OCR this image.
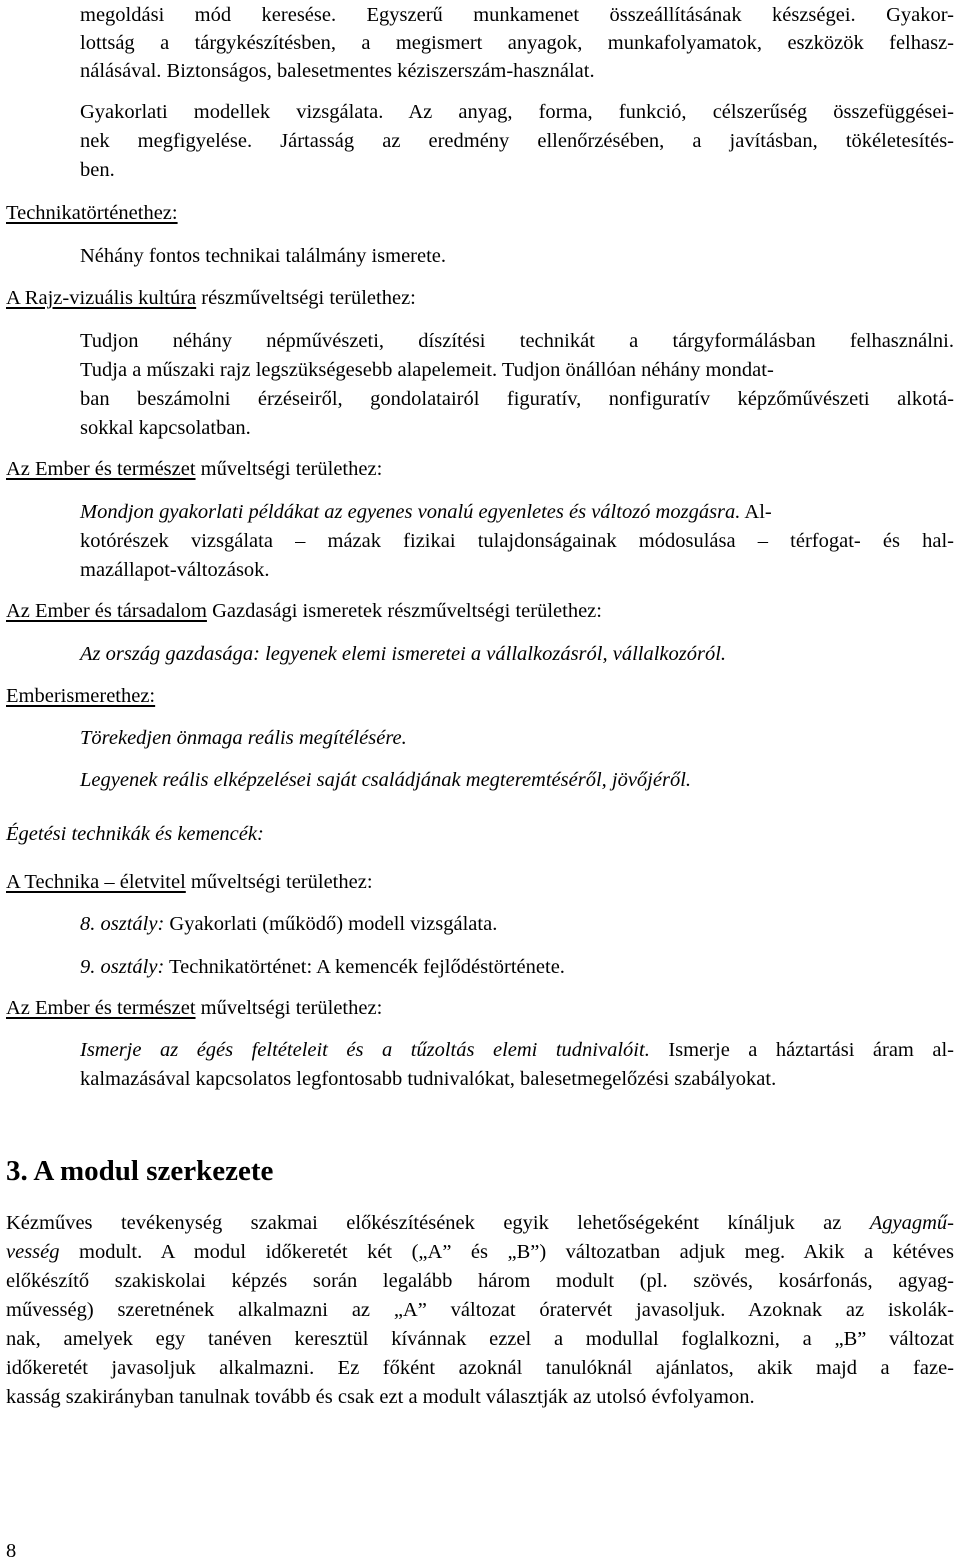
megoldási mód keresése. Egyszerű munkamenet összeállításának készségei. Gyakor-
lottság a tárgykészítésben, a megismert anyagok, munkafolyamatok, eszközök felhasz-
nálásával. Biztonságos, balesetmentes kéziszerszám-használat.
Gyakorlati modellek vizsgálata. Az anyag, forma, funkció, célszerűség összefüggései-
nek megfigyelése. Jártasság az eredmény ellenőrzésében, a javításban, tökéletesítés-
ben.
Technikatörténethez:
Néhány fontos technikai találmány ismerete.
A Rajz-vizuális kultúra részműveltségi területhez:
Tudjon néhány népművészeti, díszítési technikát a tárgyformálásban felhasználni.
Tudja a műszaki rajz legszükségesebb alapelemeit. Tudjon önállóan néhány mondat-
ban beszámolni érzéseiről, gondolatairól figuratív, nonfiguratív képzőművészeti alkotá-
sokkal kapcsolatban.
Az Ember és természet műveltségi területhez:
Mondjon gyakorlati példákat az egyenes vonalú egyenletes és változó mozgásra. Al-
kotórészek vizsgálata – mázak fizikai tulajdonságainak módosulása – térfogat- és hal-
mazállapot-változások.
Az Ember és társadalom Gazdasági ismeretek részműveltségi területhez:
Az ország gazdasága: legyenek elemi ismeretei a vállalkozásról, vállalkozóról.
Emberismerethez:
Törekedjen önmaga reális megítélésére.
Legyenek reális elképzelései saját családjának megteremtéséről, jövőjéről.
Égetési technikák és kemencék:
A Technika – életvitel műveltségi területhez:
8. osztály: Gyakorlati (működő) modell vizsgálata.
9. osztály: Technikatörténet: A kemencék fejlődéstörténete.
Az Ember és természet műveltségi területhez:
Ismerje az égés feltételeit és a tűzoltás elemi tudnivalóit. Ismerje a háztartási áram al-
kalmazásával kapcsolatos legfontosabb tudnivalókat, balesetmegelőzési szabályokat.
3. A modul szerkezete
Kézműves tevékenység szakmai előkészítésének egyik lehetőségeként kínáljuk az Agyagmű-
vesség modult. A modul időkeretét két („A” és „B”) változatban adjuk meg. Akik a kétéves
előkészítő szakiskolai képzés során legalább három modult (pl. szövés, kosárfonás, agyag-
művesség) szeretnének alkalmazni az „A” változat óratervét javasoljuk. Azoknak az iskolák-
nak, amelyek egy tanéven keresztül kívánnak ezzel a modullal foglalkozni, a „B” változat
időkeretét javasoljuk alkalmazni. Ez főként azoknál tanulóknál ajánlatos, akik majd a faze-
kasság szakirányban tanulnak tovább és csak ezt a modult választják az utolsó évfolyamon.
8
